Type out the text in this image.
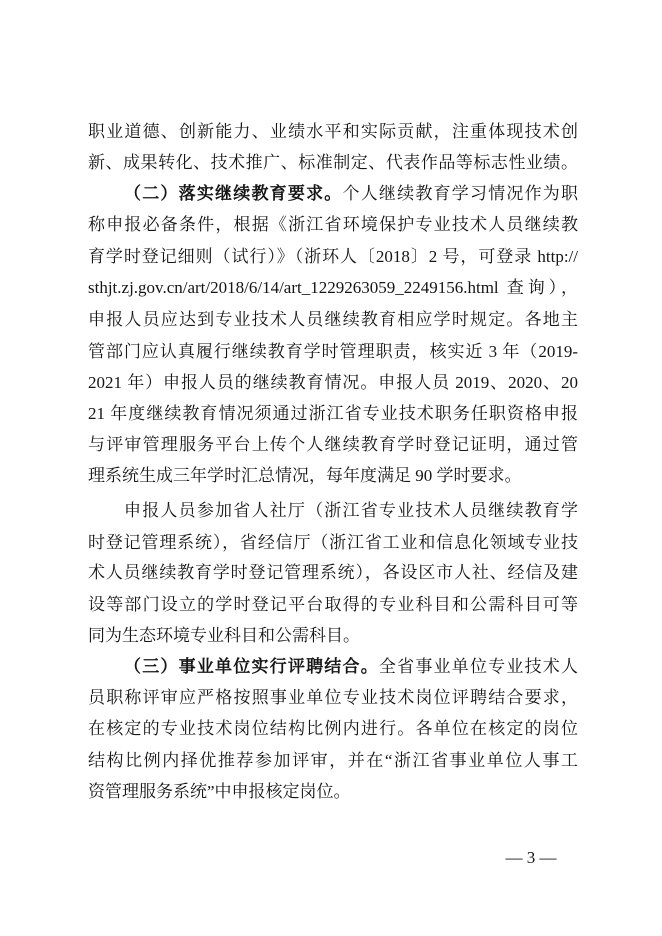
职业道德、创新能力、业绩水平和实际贡献，注重体现技术创
新、成果转化、技术推广、标准制定、代表作品等标志性业绩。
（二）落实继续教育要求。个人继续教育学习情况作为职
称申报必备条件，根据《浙江省环境保护专业技术人员继续教
育学时登记细则（试行）》（浙环人〔2018〕2 号，可登录 http://
sthjt.zj.gov.cn/art/2018/6/14/art_1229263059_2249156.html 查询），
申报人员应达到专业技术人员继续教育相应学时规定。各地主
管部门应认真履行继续教育学时管理职责，核实近 3 年（2019-
2021 年）申报人员的继续教育情况。申报人员 2019、2020、20
21 年度继续教育情况须通过浙江省专业技术职务任职资格申报
与评审管理服务平台上传个人继续教育学时登记证明，通过管
理系统生成三年学时汇总情况，每年度满足 90 学时要求。
申报人员参加省人社厅（浙江省专业技术人员继续教育学
时登记管理系统），省经信厅（浙江省工业和信息化领域专业技
术人员继续教育学时登记管理系统），各设区市人社、经信及建
设等部门设立的学时登记平台取得的专业科目和公需科目可等
同为生态环境专业科目和公需科目。
（三）事业单位实行评聘结合。全省事业单位专业技术人
员职称评审应严格按照事业单位专业技术岗位评聘结合要求，
在核定的专业技术岗位结构比例内进行。各单位在核定的岗位
结构比例内择优推荐参加评审，并在“浙江省事业单位人事工
资管理服务系统”中申报核定岗位。
— 3 —
